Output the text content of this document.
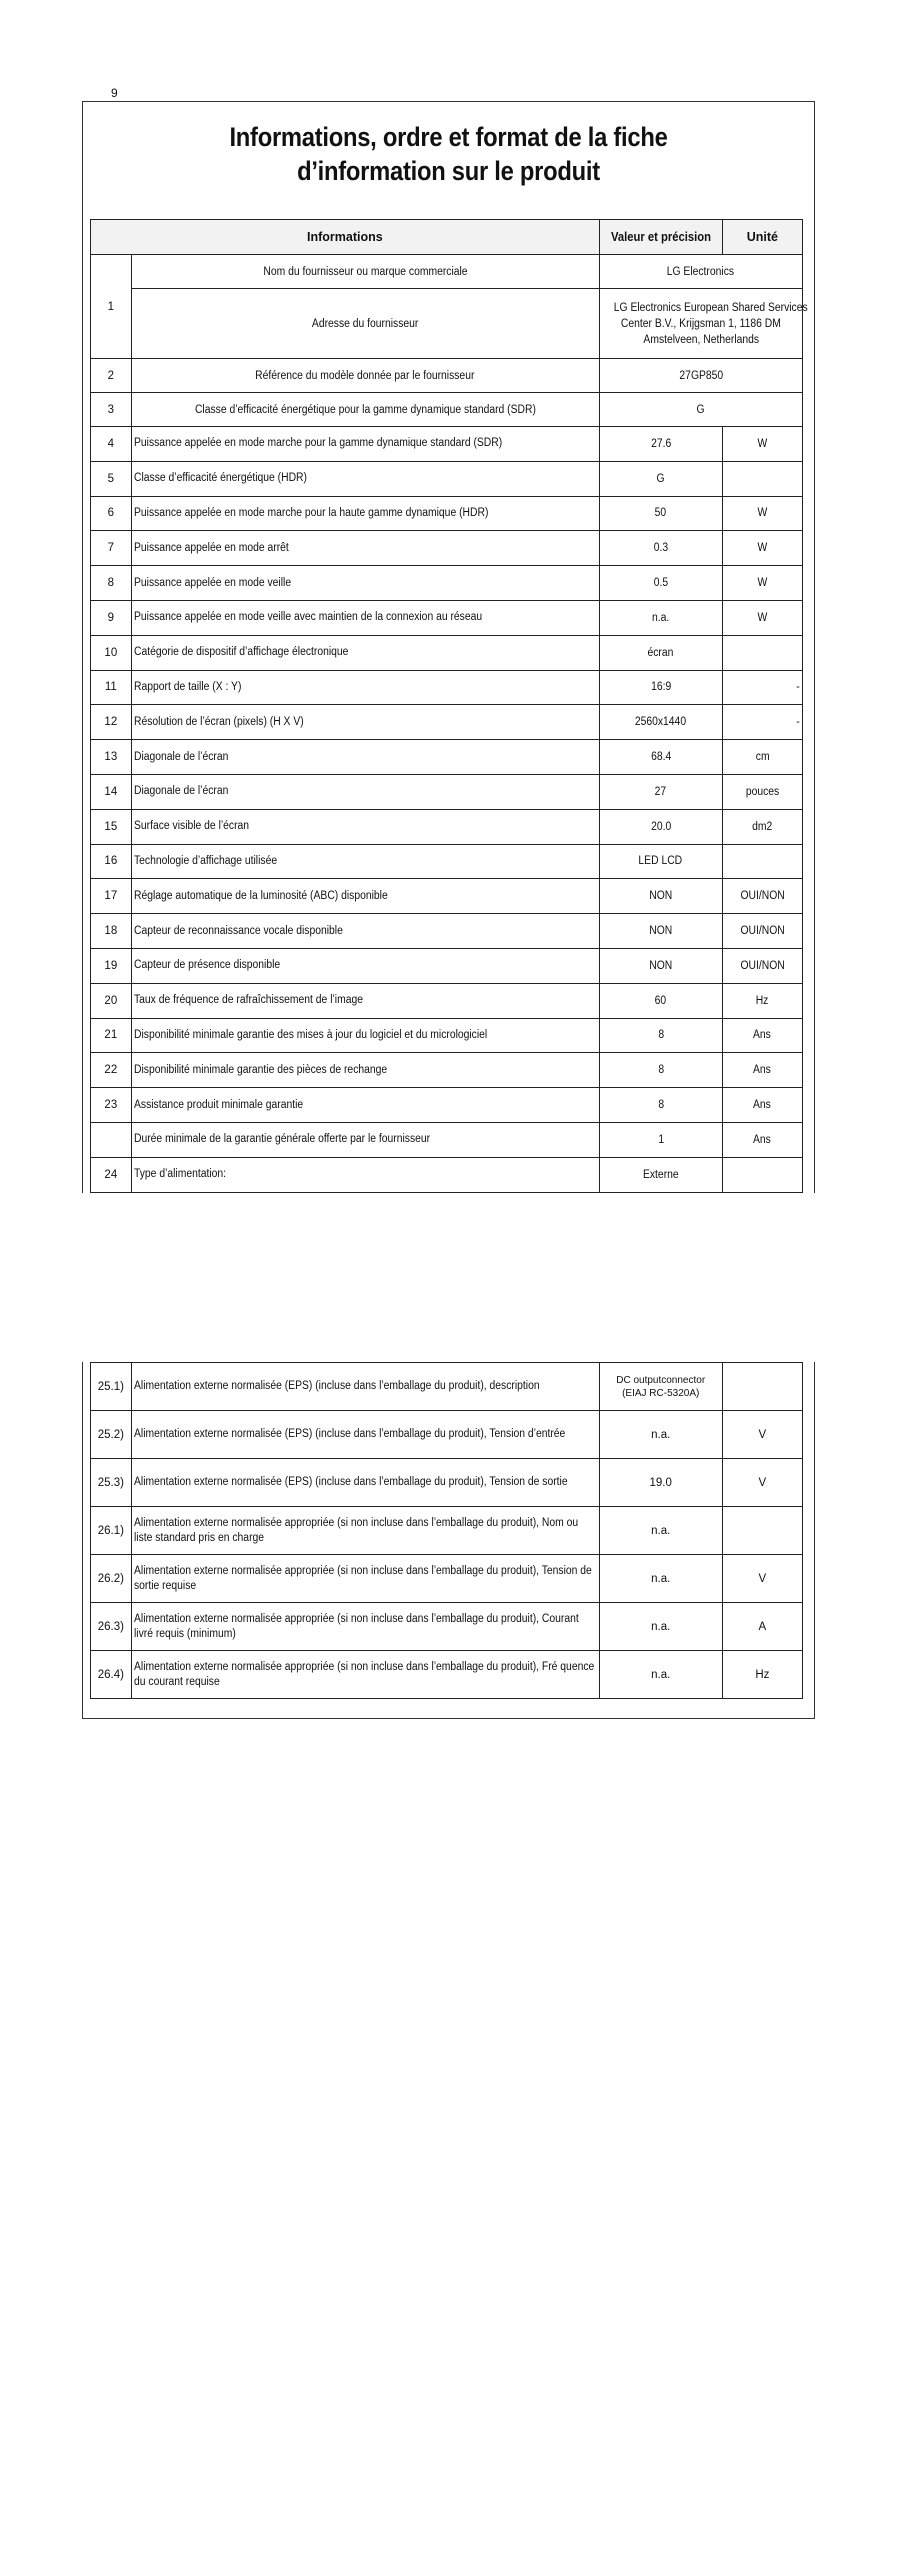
9
Informations, ordre et format de la fiche
d’information sur le produit
Informations		Valeur et précision	Unité
1	Nom du fournisseur ou marque commerciale	LG Electronics	
	Adresse du fournisseur	LG Electronics European Shared Services
Center B.V., Krijgsman 1, 1186 DM
Amstelveen, Netherlands	
2	Référence du modèle donnée par le fournisseur	27GP850	
3	Classe d’efficacité énergétique pour la gamme dynamique standard (SDR)	G	
4	Puissance appelée en mode marche pour la gamme dynamique standard (SDR)	27.6	W
5	Classe d’efficacité énergétique (HDR)	G	
6	Puissance appelée en mode marche pour la haute gamme dynamique (HDR)	50	W
7	Puissance appelée en mode arrêt	0.3	W
8	Puissance appelée en mode veille	0.5	W
9	Puissance appelée en mode veille avec maintien de la connexion au réseau	n.a.	W
10	Catégorie de dispositif d’affichage électronique	écran	
11	Rapport de taille (X : Y)	16:9	-
12	Résolution de l’écran (pixels) (H X V)	2560x1440	-
13	Diagonale de l’écran	68.4	cm
14	Diagonale de l’écran	27	pouces
15	Surface visible de l’écran	20.0	dm2
16	Technologie d’affichage utilisée	LED LCD	
17	Réglage automatique de la luminosité (ABC) disponible	NON	OUI/NON
18	Capteur de reconnaissance vocale disponible	NON	OUI/NON
19	Capteur de présence disponible	NON	OUI/NON
20	Taux de fréquence de rafraîchissement de l’image	60	Hz
21	Disponibilité minimale garantie des mises à jour du logiciel et du micrologiciel	8	Ans
22	Disponibilité minimale garantie des pièces de rechange	8	Ans
23	Assistance produit minimale garantie	8	Ans
	Durée minimale de la garantie générale offerte par le fournisseur	1	Ans
24	Type d’alimentation:	Externe	
25.1)	Alimentation externe normalisée (EPS) (incluse dans l’emballage du produit), description	DC outputconnector (EIAJ RC-5320A)	
25.2)	Alimentation externe normalisée (EPS) (incluse dans l’emballage du produit), Tension d’entrée	n.a.	V
25.3)	Alimentation externe normalisée (EPS) (incluse dans l’emballage du produit), Tension de sortie	19.0	V
26.1)	Alimentation externe normalisée appropriée (si non incluse dans l’emballage du produit), Nom ou liste standard pris en charge	n.a.	
26.2)	Alimentation externe normalisée appropriée (si non incluse dans l’emballage du produit), Tension de sortie requise	n.a.	V
26.3)	Alimentation externe normalisée appropriée (si non incluse dans l’emballage du produit), Courant livré requis (minimum)	n.a.	A
26.4)	Alimentation externe normalisée appropriée (si non incluse dans l’emballage du produit), Fré quence du courant requise	n.a.	Hz
